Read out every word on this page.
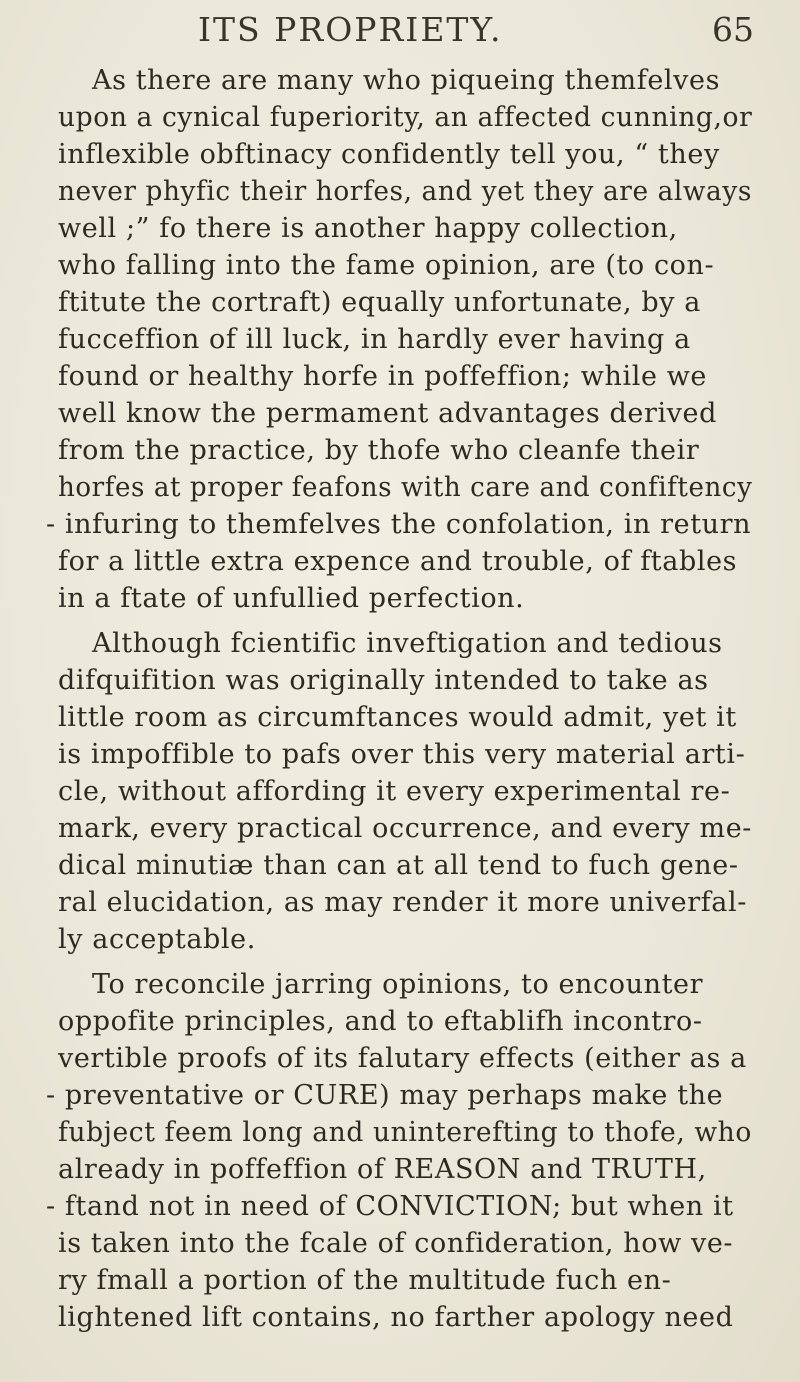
ITS PROPRIETY.	65
As there are many who piqueing themfelves
upon a cynical fuperiority, an affected cunning,or
inflexible obftinacy confidently tell you, “ they
never phyfic their horfes, and yet they are always
well ;” fo there is another happy collection,
who falling into the fame opinion, are (to con-
ftitute the cortraft) equally unfortunate, by a
fucceffion of ill luck, in hardly ever having a
found or healthy horfe in poffeffion; while we
well know the permament advantages derived
from the practice, by thofe who cleanfe their
horfes at proper feafons with care and confiftency
- infuring to themfelves the confolation, in return
for a little extra expence and trouble, of ftables
in a ftate of unfullied perfection.
Although fcientific inveftigation and tedious
difquifition was originally intended to take as
little room as circumftances would admit, yet it
is impoffible to pafs over this very material arti-
cle, without affording it every experimental re-
mark, every practical occurrence, and every me-
dical minutiæ than can at all tend to fuch gene-
ral elucidation, as may render it more univerfal-
ly acceptable.
To reconcile jarring opinions, to encounter
oppofite principles, and to eftablifh incontro-
vertible proofs of its falutary effects (either as a
- preventative or CURE) may perhaps make the
fubject feem long and uninterefting to thofe, who
already in poffeffion of REASON and TRUTH,
- ftand not in need of CONVICTION; but when it
is taken into the fcale of confideration, how ve-
ry fmall a portion of the multitude fuch en-
lightened lift contains, no farther apology need
